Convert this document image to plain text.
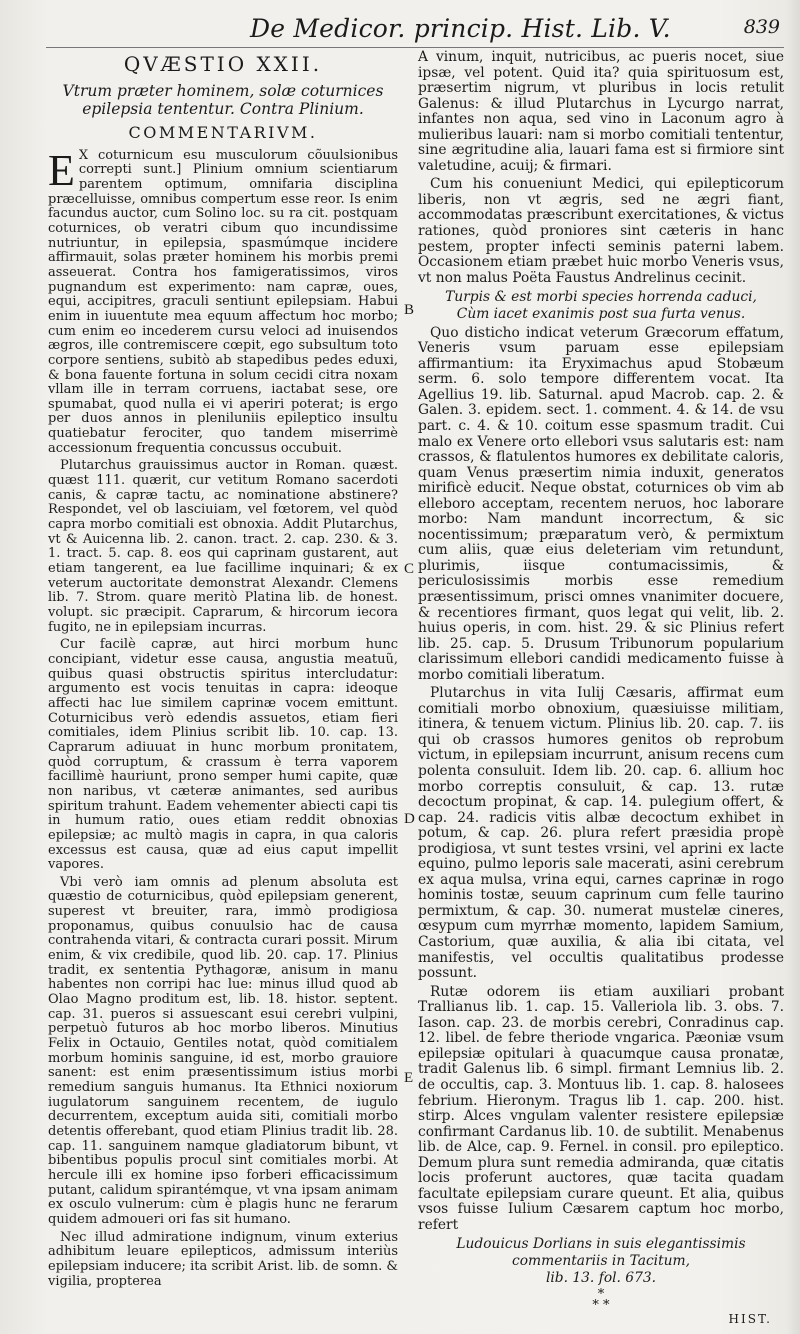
De Medicor. princip. Hist. Lib. V.	839
QVÆSTIO XXII.
Vtrum præter hominem, solæ coturnices epilepsia tententur. Contra Plinium.
COMMENTARIVM.

E X coturnicum esu musculorum cõuulsionibus correpti sunt.] Plinium omnium scientiarum parentem optimum, omnifaria disciplina præcelluisse, omnibus compertum esse reor. Is enim facundus auctor, cum Solino loc. su ra cit. postquam coturnices, ob veratri cibum quo incundissime nutriuntur, in epilepsia, spasmúmque incidere affirmauit, solas præter hominem his morbis premi asseuerat. Contra hos famigeratissimos, viros pugnandum est experimento: nam capræ, oues, equi, accipitres, graculi sentiunt epilepsiam. Habui enim in iuuentute mea equum affectum hoc morbo; cum enim eo incederem cursu veloci ad inuisendos ægros, ille contremiscere cœpit, ego subsultum toto corpore sentiens, subitò ab stapedibus pedes eduxi, & bona fauente fortuna in solum cecidi citra noxam vllam ille in terram corruens, iactabat sese, ore spumabat, quod nulla ei vi aperiri poterat; is ergo per duos annos in pleniluniis epileptico insultu quatiebatur ferociter, quo tandem miserrimè accessionum frequentia concussus occubuit.

Plutarchus grauissimus auctor in Roman. quæst. quæst 111. quærit, cur vetitum Romano sacerdoti canis, & capræ tactu, ac nominatione abstinere? Respondet, vel ob lasciuiam, vel fœtorem, vel quòd capra morbo comitiali est obnoxia. Addit Plutarchus, vt & Auicenna lib. 2. canon. tract. 2. cap. 230. & 3. 1. tract. 5. cap. 8. eos qui caprinam gustarent, aut etiam tangerent, ea lue facillime inquinari; & ex veterum auctoritate demonstrat Alexandr. Clemens lib. 7. Strom. quare meritò Platina lib. de honest. volupt. sic præcipit. Caprarum, & hircorum iecora fugito, ne in epilepsiam incurras.

Cur facilè capræ, aut hirci morbum hunc concipiant, videtur esse causa, angustia meatuũ, quibus quasi obstructis spiritus intercludatur: argumento est vocis tenuitas in capra: ideoque affecti hac lue similem caprinæ vocem emittunt. Coturnicibus verò edendis assuetos, etiam fieri comitiales, idem Plinius scribit lib. 10. cap. 13. Caprarum adiuuat in hunc morbum pronitatem, quòd corruptum, & crassum è terra vaporem facillimè hauriunt, prono semper humi capite, quæ non naribus, vt cæteræ animantes, sed auribus spiritum trahunt. Eadem vehementer abiecti capi tis in humum ratio, oues etiam reddit obnoxias epilepsiæ; ac multò magis in capra, in qua caloris excessus est causa, quæ ad eius caput impellit vapores.

Vbi verò iam omnis ad plenum absoluta est quæstio de coturnicibus, quòd epilepsiam generent, superest vt breuiter, rara, immò prodigiosa proponamus, quibus conuulsio hac de causa contrahenda vitari, & contracta curari possit. Mirum enim, & vix credibile, quod lib. 20. cap. 17. Plinius tradit, ex sententia Pythagoræ, anisum in manu habentes non corripi hac lue: minus illud quod ab Olao Magno proditum est, lib. 18. histor. septent. cap. 31. pueros si assuescant esui cerebri vulpini, perpetuò futuros ab hoc morbo liberos. Minutius Felix in Octauio, Gentiles notat, quòd comitialem morbum hominis sanguine, id est, morbo grauiore sanent: est enim præsentissimum istius morbi remedium sanguis humanus. Ita Ethnici noxiorum iugulatorum sanguinem recentem, de iugulo decurrentem, exceptum auida siti, comitiali morbo detentis offerebant, quod etiam Plinius tradit lib. 28. cap. 11. sanguinem namque gladiatorum bibunt, vt bibentibus populis procul sint comitiales morbi. At hercule illi ex homine ipso forberi efficacissimum putant, calidum spirantémque, vt vna ipsam animam ex osculo vulnerum: cùm è plagis hunc ne ferarum quidem admoueri ori fas sit humano.

Nec illud admiratione indignum, vinum exterius adhibitum leuare epilepticos, admissum interiùs epilepsiam inducere; ita scribit Arist. lib. de somn. & vigilia, propterea

B
C
D
E

A vinum, inquit, nutricibus, ac pueris nocet, siue ipsæ, vel potent. Quid ita? quia spirituosum est, præsertim nigrum, vt pluribus in locis retulit Galenus: & illud Plutarchus in Lycurgo narrat, infantes non aqua, sed vino in Laconum agro à mulieribus lauari: nam si morbo comitiali tententur, sine ægritudine alia, lauari fama est si firmiore sint valetudine, acuij; & firmari.

Cum his conueniunt Medici, qui epilepticorum liberis, non vt ægris, sed ne ægri fiant, accommodatas præscribunt exercitationes, & victus rationes, quòd proniores sint cæteris in hanc pestem, propter infecti seminis paterni labem. Occasionem etiam præbet huic morbo Veneris vsus, vt non malus Poëta Faustus Andrelinus cecinit.

Turpis & est morbi species horrenda caduci,
Cùm iacet exanimis post sua furta venus.

Quo disticho indicat veterum Græcorum effatum, Veneris vsum paruam esse epilepsiam affirmantium: ita Eryximachus apud Stobæum serm. 6. solo tempore differentem vocat. Ita Agellius 19. lib. Saturnal. apud Macrob. cap. 2. & Galen. 3. epidem. sect. 1. comment. 4. & 14. de vsu part. c. 4. & 10. coitum esse spasmum tradit. Cui malo ex Venere orto ellebori vsus salutaris est: nam crassos, & flatulentos humores ex debilitate caloris, quam Venus præsertim nimia induxit, generatos mirificè educit. Neque obstat, coturnices ob vim ab elleboro acceptam, recentem neruos, hoc laborare morbo: Nam mandunt incorrectum, & sic nocentissimum; præparatum verò, & permixtum cum aliis, quæ eius deleteriam vim retundunt, plurimis, iisque contumacissimis, & periculosissimis morbis esse remedium præsentissimum, prisci omnes vnanimiter docuere, & recentiores firmant, quos legat qui velit, lib. 2. huius operis, in com. hist. 29. & sic Plinius refert lib. 25. cap. 5. Drusum Tribunorum popularium clarissimum ellebori candidi medicamento fuisse à morbo comitiali liberatum.

Plutarchus in vita Iulij Cæsaris, affirmat eum comitiali morbo obnoxium, quæsiuisse militiam, itinera, & tenuem victum. Plinius lib. 20. cap. 7. iis qui ob crassos humores genitos ob reprobum victum, in epilepsiam incurrunt, anisum recens cum polenta consuluit. Idem lib. 20. cap. 6. allium hoc morbo correptis consuluit, & cap. 13. rutæ decoctum propinat, & cap. 14. pulegium offert, & cap. 24. radicis vitis albæ decoctum exhibet in potum, & cap. 26. plura refert præsidia propè prodigiosa, vt sunt testes vrsini, vel aprini ex lacte equino, pulmo leporis sale macerati, asini cerebrum ex aqua mulsa, vrina equi, carnes caprinæ in rogo hominis tostæ, seuum caprinum cum felle taurino permixtum, & cap. 30. numerat mustelæ cineres, œsypum cum myrrhæ momento, lapidem Samium, Castorium, quæ auxilia, & alia ibi citata, vel manifestis, vel occultis qualitatibus prodesse possunt.

Rutæ odorem iis etiam auxiliari probant Trallianus lib. 1. cap. 15. Valleriola lib. 3. obs. 7. Iason. cap. 23. de morbis cerebri, Conradinus cap. 12. libel. de febre theriode vngarica. Pæoniæ vsum epilepsiæ opitulari à quacumque causa pronatæ, tradit Galenus lib. 6 simpl. firmant Lemnius lib. 2. de occultis, cap. 3. Montuus lib. 1. cap. 8. halosees febrium. Hieronym. Tragus lib 1. cap. 200. hist. stirp. Alces vngulam valenter resistere epilepsiæ confirmant Cardanus lib. 10. de subtilit. Menabenus lib. de Alce, cap. 9. Fernel. in consil. pro epileptico. Demum plura sunt remedia admiranda, quæ citatis locis proferunt auctores, quæ tacita quadam facultate epilepsiam curare queunt. Et alia, quibus vsos fuisse Iulium Cæsarem captum hoc morbo, refert

Ludouicus Dorlians in suis elegantissimis
commentariis in Tacitum,
lib. 13. fol. 673.
*
* *
HIST.
